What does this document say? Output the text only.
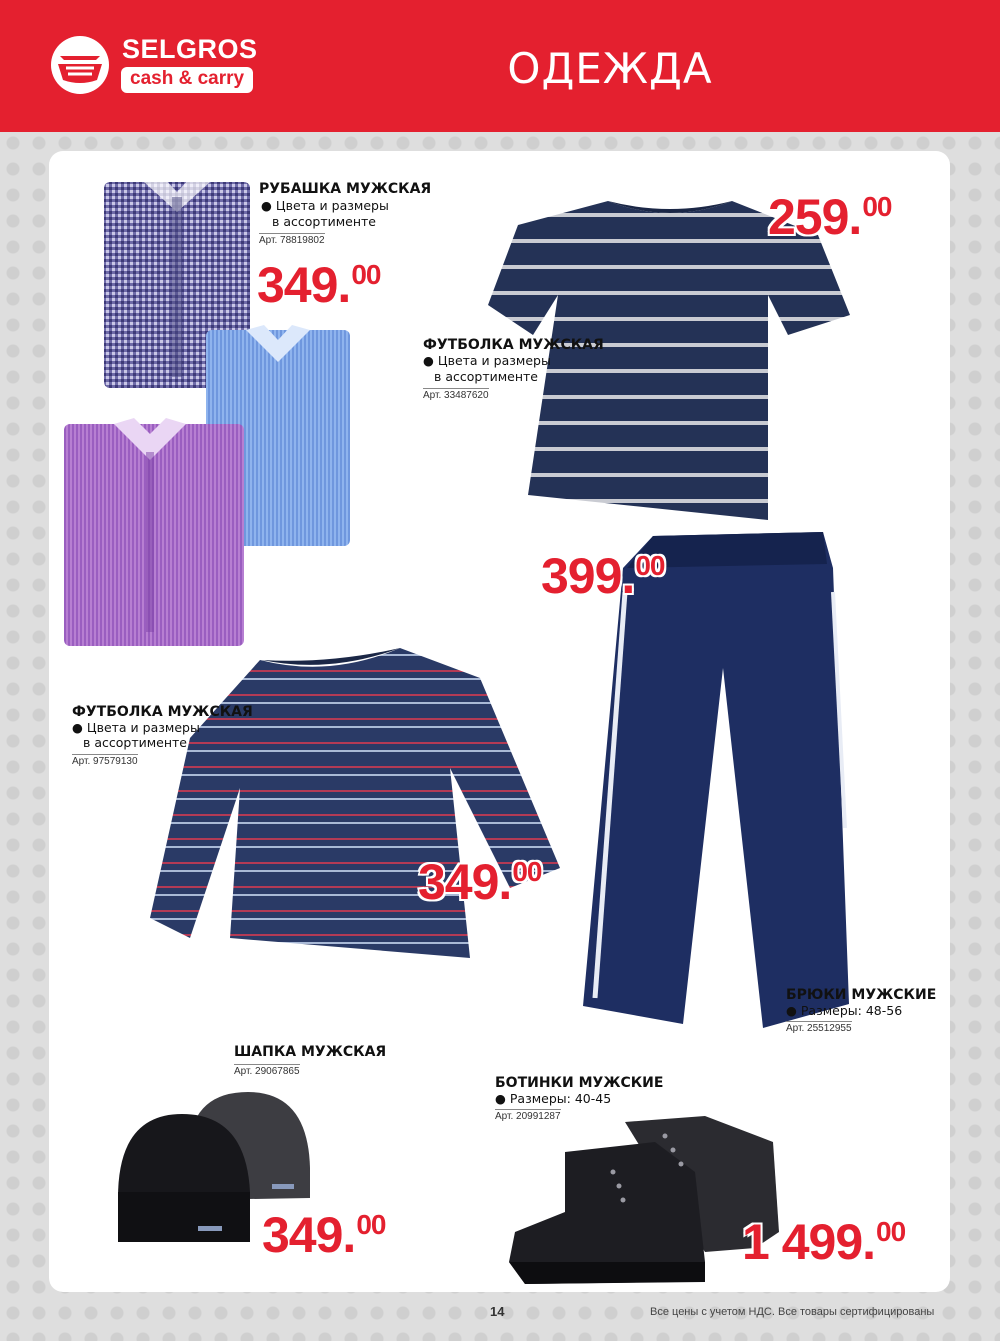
SELGROS
cash & carry	ОДЕЖДА
РУБАШКА МУЖСКАЯ
● Цвета и размеры
в ассортименте
Арт. 78819802
349.00
ФУТБОЛКА МУЖСКАЯ
● Цвета и размеры
в ассортименте
Арт. 33487620
259.00
399.00
БРЮКИ МУЖСКИЕ
● Размеры: 48-56
Арт. 25512955
ФУТБОЛКА МУЖСКАЯ
● Цвета и размеры
в ассортименте
Арт. 97579130
349.00
ШАПКА МУЖСКАЯ
Арт. 29067865
349.00
БОТИНКИ МУЖСКИЕ
● Размеры: 40-45
Арт. 20991287
1 499.00
14	Все цены с учетом НДС. Все товары сертифицированы
